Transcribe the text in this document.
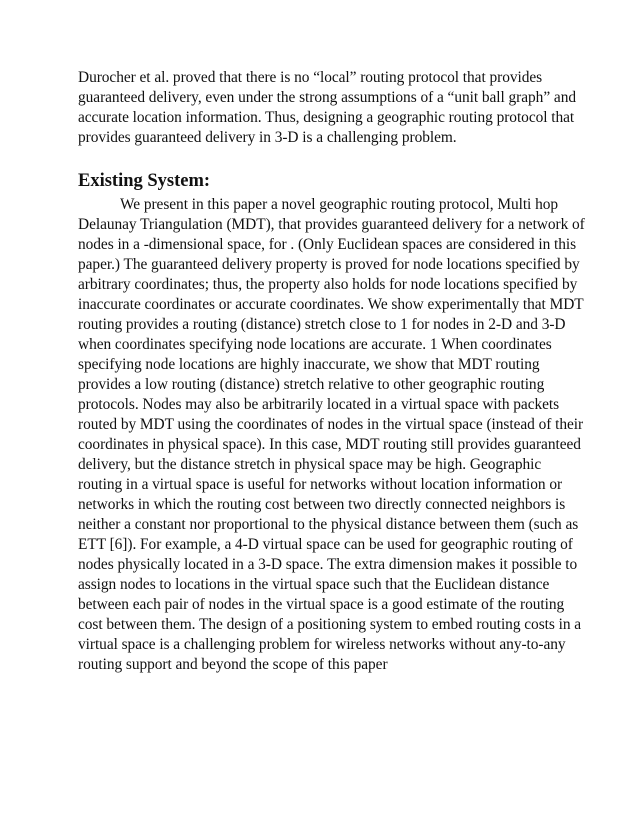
Durocher et al. proved that there is no “local” routing protocol that provides
guaranteed delivery, even under the strong assumptions of a “unit ball graph” and
accurate location information. Thus, designing a geographic routing protocol that
provides guaranteed delivery in 3-D is a challenging problem.

Existing System:

We present in this paper a novel geographic routing protocol, Multi hop
Delaunay Triangulation (MDT), that provides guaranteed delivery for a network of
nodes in a -dimensional space, for . (Only Euclidean spaces are considered in this
paper.) The guaranteed delivery property is proved for node locations specified by
arbitrary coordinates; thus, the property also holds for node locations specified by
inaccurate coordinates or accurate coordinates. We show experimentally that MDT
routing provides a routing (distance) stretch close to 1 for nodes in 2-D and 3-D
when coordinates specifying node locations are accurate. 1 When coordinates
specifying node locations are highly inaccurate, we show that MDT routing
provides a low routing (distance) stretch relative to other geographic routing
protocols. Nodes may also be arbitrarily located in a virtual space with packets
routed by MDT using the coordinates of nodes in the virtual space (instead of their
coordinates in physical space). In this case, MDT routing still provides guaranteed
delivery, but the distance stretch in physical space may be high. Geographic
routing in a virtual space is useful for networks without location information or
networks in which the routing cost between two directly connected neighbors is
neither a constant nor proportional to the physical distance between them (such as
ETT [6]). For example, a 4-D virtual space can be used for geographic routing of
nodes physically located in a 3-D space. The extra dimension makes it possible to
assign nodes to locations in the virtual space such that the Euclidean distance
between each pair of nodes in the virtual space is a good estimate of the routing
cost between them. The design of a positioning system to embed routing costs in a
virtual space is a challenging problem for wireless networks without any-to-any
routing support and beyond the scope of this paper
